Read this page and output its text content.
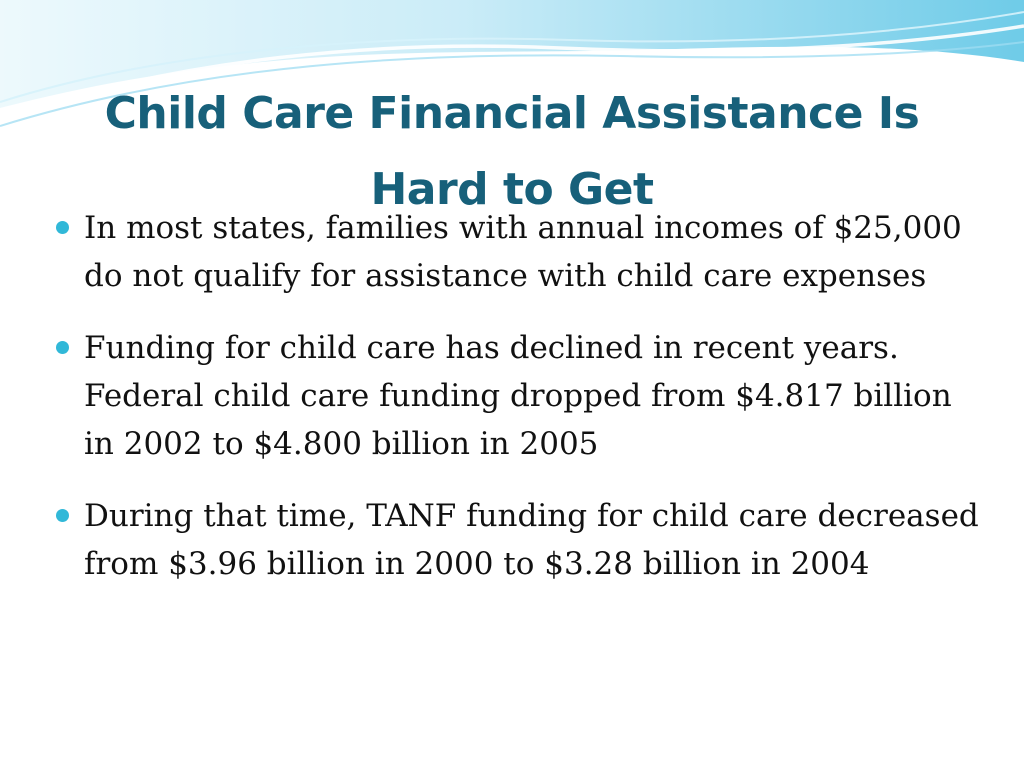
Child Care Financial Assistance Is
Hard to Get
In most states, families with annual incomes of $25,000 do not qualify for assistance with child care expenses
Funding for child care has declined in recent years. Federal child care funding dropped from $4.817 billion in 2002 to $4.800 billion in 2005
During that time, TANF funding for child care decreased from $3.96 billion in 2000 to $3.28 billion in 2004
